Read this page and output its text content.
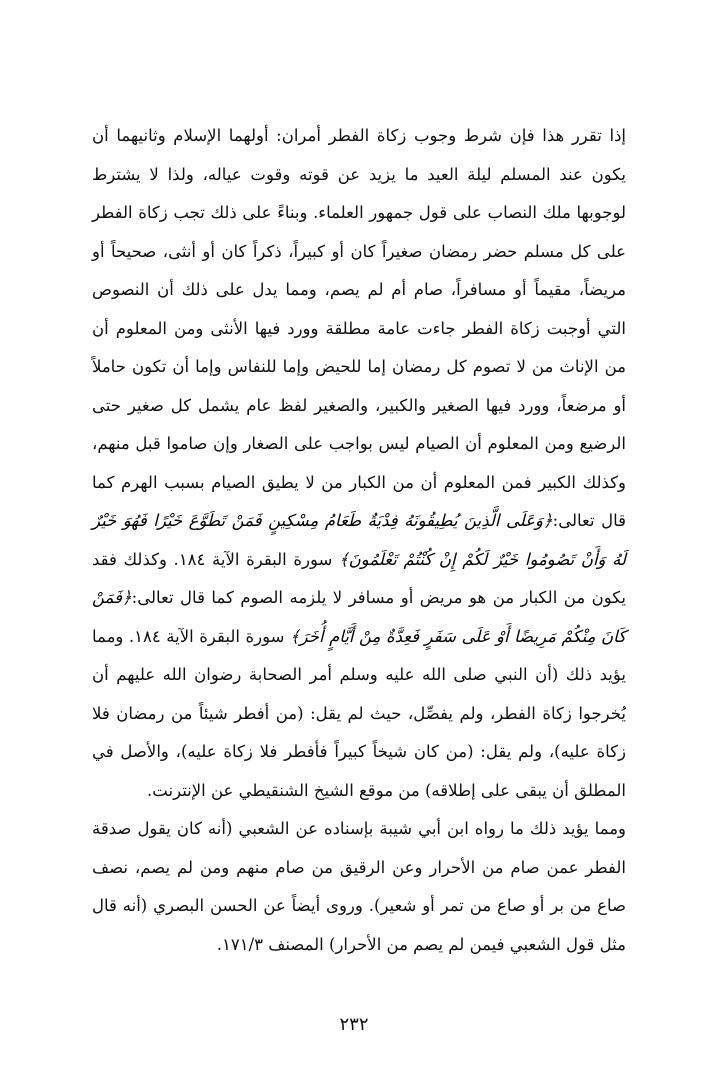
إذا تقرر هذا فإن شرط وجوب زكاة الفطر أمران: أولهما الإسلام وثانيهما أن يكون عند المسلم ليلة العيد ما يزيد عن قوته وقوت عياله، ولذا لا يشترط لوجوبها ملك النصاب على قول جمهور العلماء. وبناءً على ذلك تجب زكاة الفطر على كل مسلم حضر رمضان صغيراً كان أو كبيراً، ذكراً كان أو أنثى، صحيحاً أو مريضاً، مقيماً أو مسافراً، صام أم لم يصم، ومما يدل على ذلك أن النصوص التي أوجبت زكاة الفطر جاءت عامة مطلقة وورد فيها الأنثى ومن المعلوم أن من الإناث من لا تصوم كل رمضان إما للحيض وإما للنفاس وإما أن تكون حاملاً أو مرضعاً، وورد فيها الصغير والكبير، والصغير لفظ عام يشمل كل صغير حتى الرضيع ومن المعلوم أن الصيام ليس بواجب على الصغار وإن صاموا قبل منهم، وكذلك الكبير فمن المعلوم أن من الكبار من لا يطيق الصيام بسبب الهرم كما قال تعالى:﴿وَعَلَى الَّذِينَ يُطِيقُونَهُ فِدْيَةٌ طَعَامُ مِسْكِينٍ فَمَنْ تَطَوَّعَ خَيْرًا فَهُوَ خَيْرٌ لَهُ وَأَنْ تَصُومُوا خَيْرٌ لَكُمْ إِنْ كُنْتُمْ تَعْلَمُونَ﴾ سورة البقرة الآية ١٨٤. وكذلك فقد يكون من الكبار من هو مريض أو مسافر لا يلزمه الصوم كما قال تعالى:﴿فَمَنْ كَانَ مِنْكُمْ مَرِيضًا أَوْ عَلَى سَفَرٍ فَعِدَّةٌ مِنْ أَيَّامٍ أُخَرَ﴾ سورة البقرة الآية ١٨٤. ومما يؤيد ذلك (أن النبي صلى الله عليه وسلم أمر الصحابة رضوان الله عليهم أن يُخرجوا زكاة الفطر، ولم يفصِّل، حيث لم يقل: (من أفطر شيئاً من رمضان فلا زكاة عليه)، ولم يقل: (من كان شيخاً كبيراً فأفطر فلا زكاة عليه)، والأصل في المطلق أن يبقى على إطلاقه) من موقع الشيخ الشنقيطي عن الإنترنت.

ومما يؤيد ذلك ما رواه ابن أبي شيبة بإسناده عن الشعبي (أنه كان يقول صدقة الفطر عمن صام من الأحرار وعن الرقيق من صام منهم ومن لم يصم، نصف صاع من بر أو صاع من تمر أو شعير). وروى أيضاً عن الحسن البصري (أنه قال مثل قول الشعبي فيمن لم يصم من الأحرار) المصنف ١٧١/٣.

٢٣٢
